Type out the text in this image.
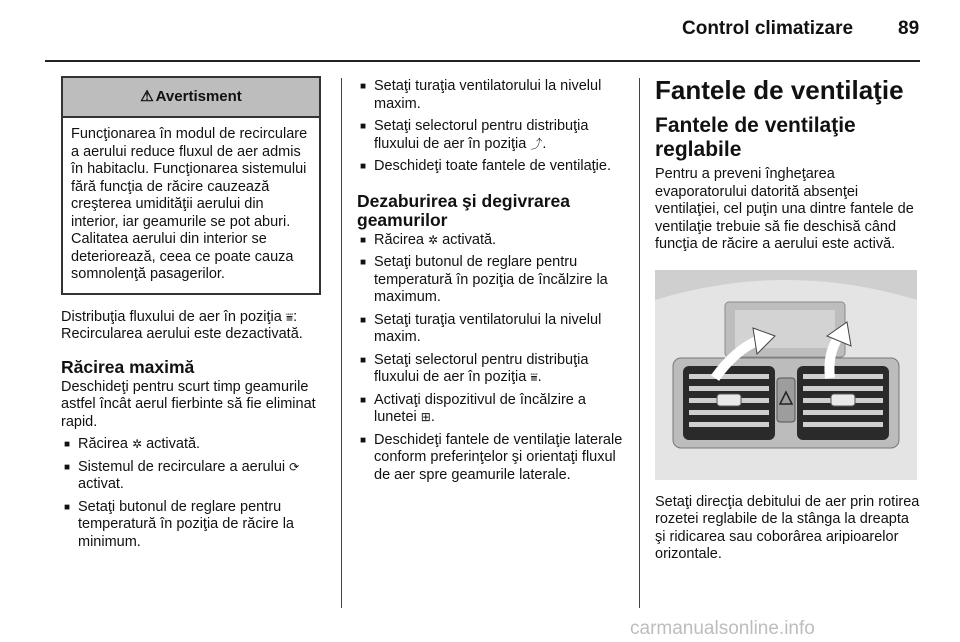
Control climatizare 89
⚠ Avertisment
Funcţionarea în modul de recirculare a aerului reduce fluxul de aer admis în habitaclu. Funcţionarea sistemului fără funcţia de răcire cauzează creşterea umidităţii aerului din interior, iar geamurile se pot aburi. Calitatea aerului din interior se deteriorează, ceea ce poate cauza somnolenţă pasagerilor.

Distribuţia fluxului de aer în poziţia ⩸: Recircularea aerului este dezactivată.

Răcirea maximă

Deschideţi pentru scurt timp geamurile astfel încât aerul fierbinte să fie eliminat rapid.

■ Răcirea ✲ activată.
■ Sistemul de recirculare a aerului ⟳ activat.
■ Setaţi butonul de reglare pentru temperatură în poziţia de răcire la minimum.
■ Setaţi turaţia ventilatorului la nivelul maxim.
■ Setaţi selectorul pentru distribuţia fluxului de aer în poziţia ⤴.
■ Deschideţi toate fantele de ventilaţie.
Dezaburirea şi degivrarea geamurilor
■ Răcirea ✲ activată.
■ Setaţi butonul de reglare pentru temperatură în poziţia de încălzire la maximum.
■ Setaţi turaţia ventilatorului la nivelul maxim.
■ Setaţi selectorul pentru distribuţia fluxului de aer în poziţia ⩸.
■ Activaţi dispozitivul de încălzire a lunetei ⊞.
■ Deschideţi fantele de ventilaţie laterale conform preferinţelor şi orientaţi fluxul de aer spre geamurile laterale.
Fantele de ventilaţie
Fantele de ventilaţie reglabile

Pentru a preveni îngheţarea evaporatorului datorită absenţei ventilaţiei, cel puţin una dintre fantele de ventilaţie trebuie să fie deschisă când funcţia de răcire a aerului este activă.

Setaţi direcţia debitului de aer prin rotirea rozetei reglabile de la stânga la dreapta şi ridicarea sau coborârea aripioarelor orizontale.

carmanualsonline.info
